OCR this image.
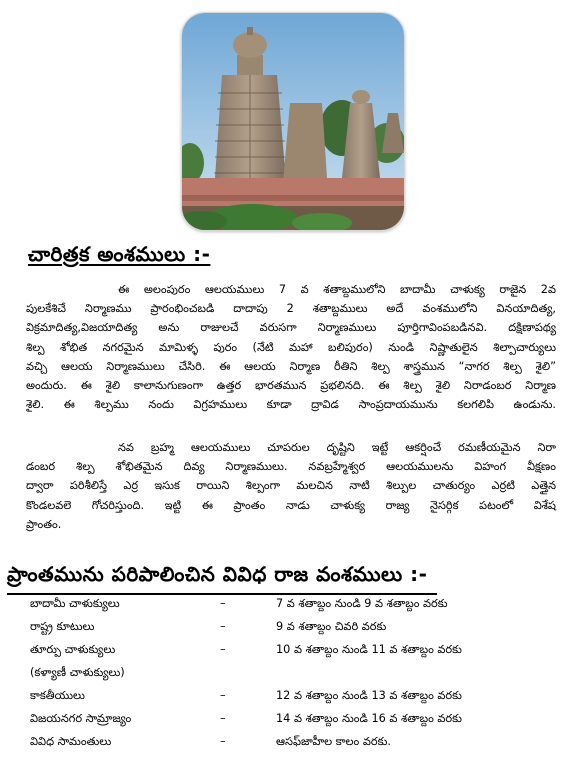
చారిత్రక అంశములు :-
ఈ అలంపురం ఆలయములు 7 వ శతాబ్దములోని బాదామీ చాళుక్య రాజైన 2వ
పులకేశిచే నిర్మాణము ప్రారంభించబడి దాదాపు 2 శతాబ్దములు అదే వంశములోని వినయాదిత్య,
విక్రమాదిత్య,విజయాదిత్య అను రాజులచే వరుసగా నిర్మాణములు పూర్తిగావింపబడినవి. దక్షిణాపథ్య
శిల్ప శోభిత నగరమైన మామిళ్ళ పురం (నేటి మహా బలిపురం) నుండి నిష్ణాతులైన శిల్పాచార్యులు
వచ్చి ఆలయ నిర్మాణములు చేసిరి. ఈ ఆలయ నిర్మాణ రీతిని శిల్ప శాస్త్రమున “నాగర శిల్ప శైలి”
అందురు. ఈ శైలి కాలానుగుణంగా ఉత్తర భారతమున ప్రభలినది. ఈ శిల్ప శైలి నిరాడంబర నిర్మాణ
శైలి. ఈ శిల్పము నందు విగ్రహములు కూడా ద్రావిడ సాంప్రదాయమును కలగలిపి ఉండును.
నవ బ్రహ్మ ఆలయములు చూపరుల దృష్టిని ఇట్టే ఆకర్షించే రమణీయమైన నిరా
డంబర శిల్ప శోభితమైన దివ్య నిర్మాణములు. నవబ్రహ్మేశ్వర ఆలయములను విహంగ వీక్షణం
ద్వారా పరిశీలిస్తే ఎర్ర ఇసుక రాయిని శిల్పంగా మలచిన నాటి శిల్పుల చాతుర్యం ఎర్రటి ఎత్తైన
కొండలవలె గోచరిస్తుంది. ఇట్టి ఈ ప్రాంతం నాడు చాళుక్య రాజ్య నైసర్గిక పటంలో విశేష
ప్రాంతం.
ప్రాంతమును పరిపాలించిన వివిధ రాజ వంశములు :-
బాదామీ చాళుక్యులు	–	7 వ శతాబ్దం నుండి 9 వ శతాబ్దం వరకు
రాష్ట్ర కూటులు	–	9 వ శతాబ్దం చివరి వరకు
తూర్పు చాళుక్యులు	–	10 వ శతాబ్దం నుండి 11 వ శతాబ్దం వరకు
(కళ్యాణీ చాళుక్యులు)		
కాకతీయులు	–	12 వ శతాబ్దం నుండి 13 వ శతాబ్దం వరకు
విజయనగర సామ్రాజ్యం	–	14 వ శతాబ్దం నుండి 16 వ శతాబ్దం వరకు
వివిధ సామంతులు	–	ఆసఫ్‌జాహీల కాలం వరకు.
